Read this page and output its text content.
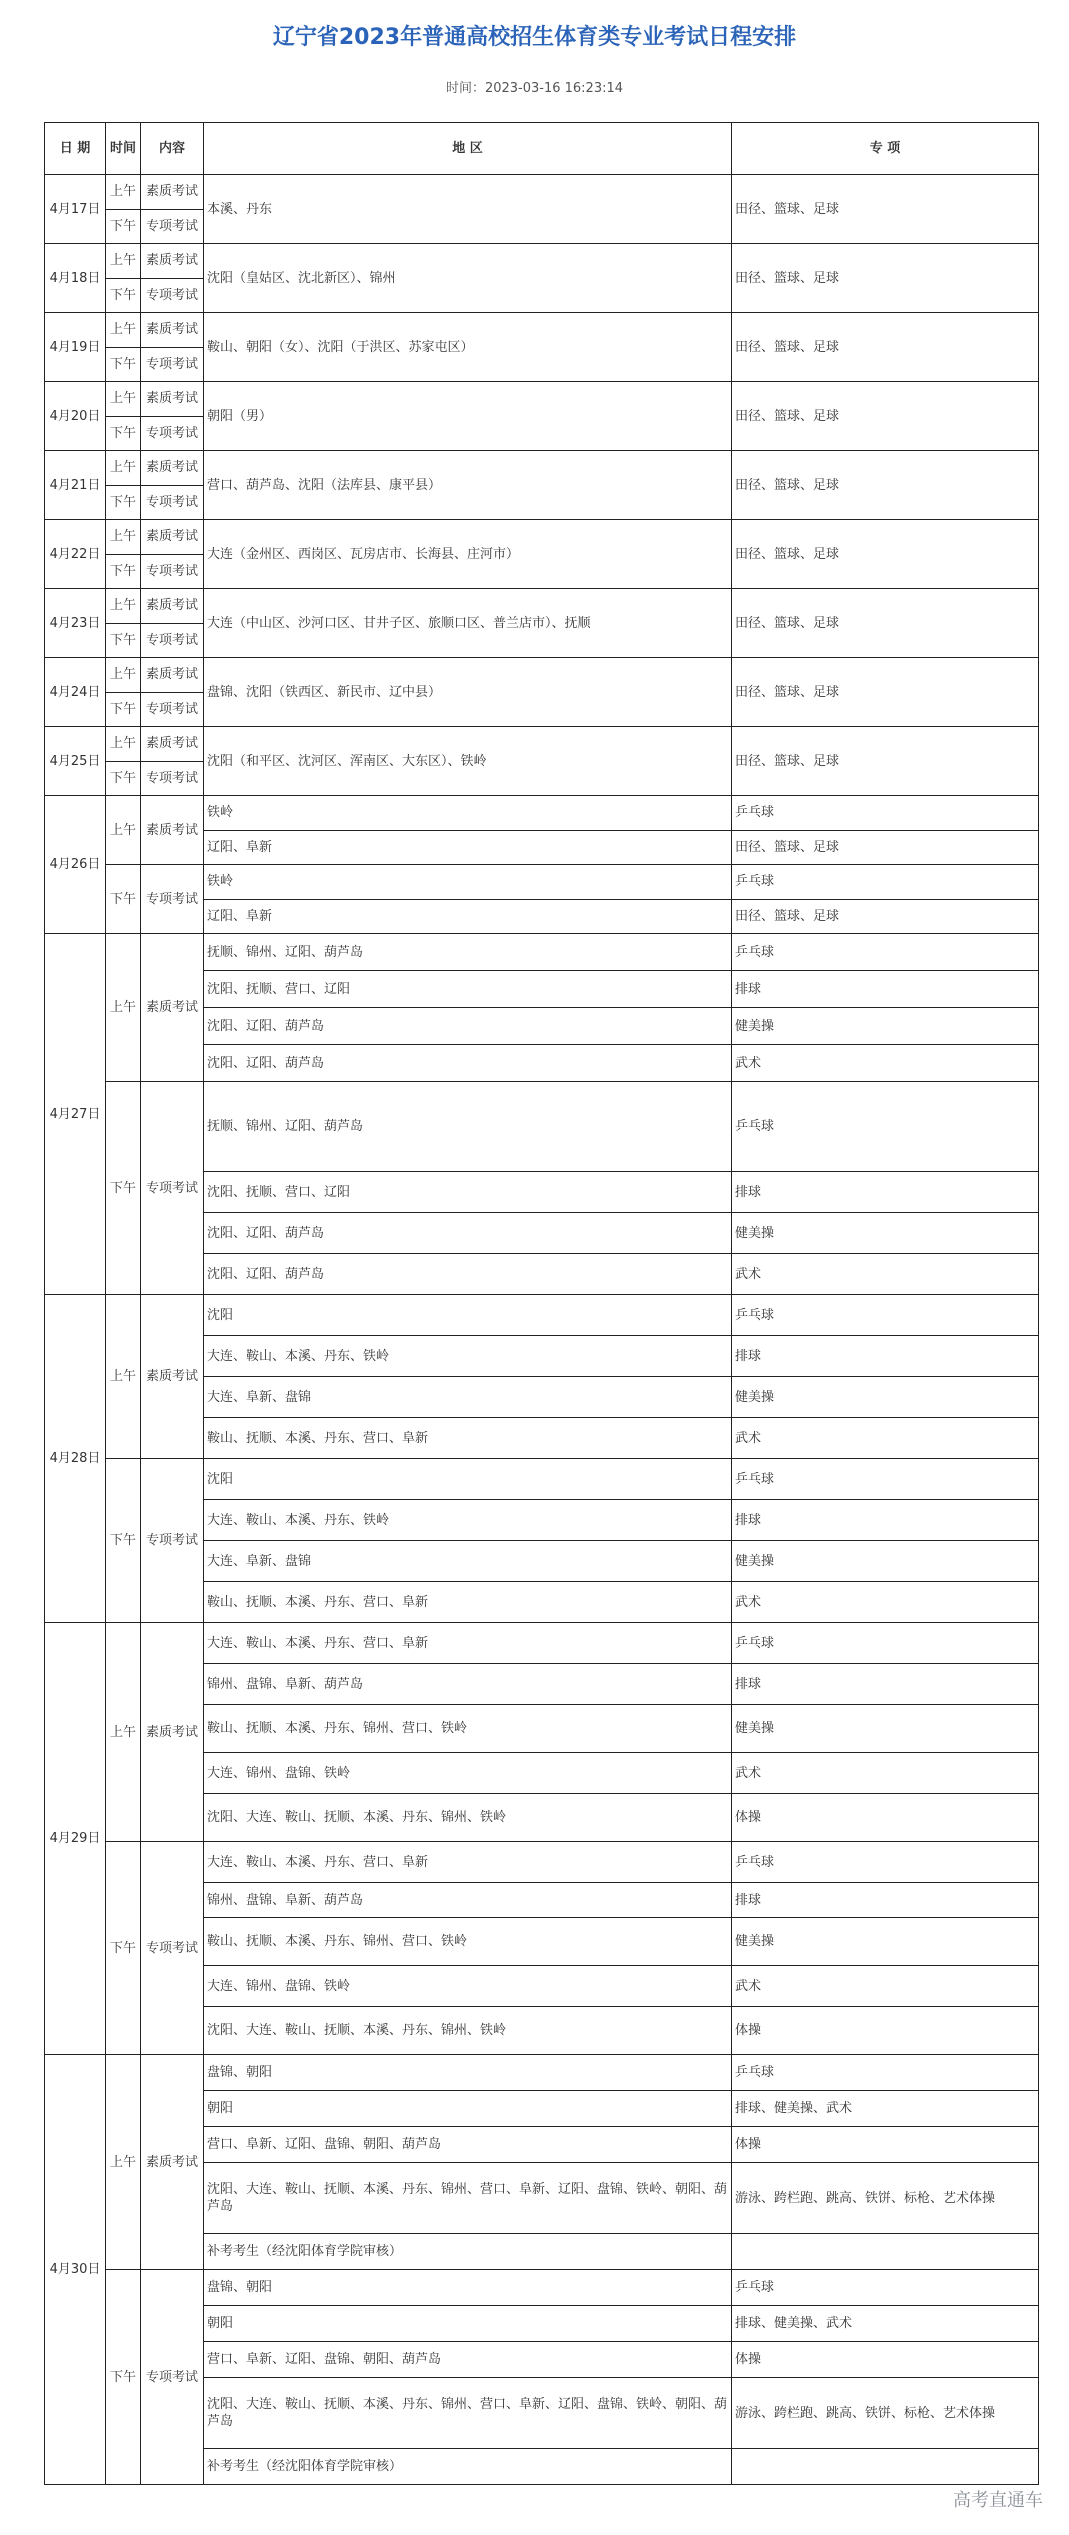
辽宁省2023年普通高校招生体育类专业考试日程安排
时间：2023-03-16 16:23:14
日 期	时间	内容	地 区	专 项
4月17日	上午	素质考试	本溪、丹东	田径、篮球、足球
	下午	专项考试		
4月18日	上午	素质考试	沈阳（皇姑区、沈北新区）、锦州	田径、篮球、足球
	下午	专项考试		
4月19日	上午	素质考试	鞍山、朝阳（女）、沈阳（于洪区、苏家屯区）	田径、篮球、足球
	下午	专项考试		
4月20日	上午	素质考试	朝阳（男）	田径、篮球、足球
	下午	专项考试		
4月21日	上午	素质考试	营口、葫芦岛、沈阳（法库县、康平县）	田径、篮球、足球
	下午	专项考试		
4月22日	上午	素质考试	大连（金州区、西岗区、瓦房店市、长海县、庄河市）	田径、篮球、足球
	下午	专项考试		
4月23日	上午	素质考试	大连（中山区、沙河口区、甘井子区、旅顺口区、普兰店市）、抚顺	田径、篮球、足球
	下午	专项考试		
4月24日	上午	素质考试	盘锦、沈阳（铁西区、新民市、辽中县）	田径、篮球、足球
	下午	专项考试		
4月25日	上午	素质考试	沈阳（和平区、沈河区、浑南区、大东区）、铁岭	田径、篮球、足球
	下午	专项考试		
4月26日	上午	素质考试	铁岭	乒乓球
			辽阳、阜新	田径、篮球、足球
	下午	专项考试	铁岭	乒乓球
			辽阳、阜新	田径、篮球、足球
4月27日	上午	素质考试	抚顺、锦州、辽阳、葫芦岛	乒乓球
			沈阳、抚顺、营口、辽阳	排球
			沈阳、辽阳、葫芦岛	健美操
			沈阳、辽阳、葫芦岛	武术
	下午	专项考试	抚顺、锦州、辽阳、葫芦岛	乒乓球
			沈阳、抚顺、营口、辽阳	排球
			沈阳、辽阳、葫芦岛	健美操
			沈阳、辽阳、葫芦岛	武术
4月28日	上午	素质考试	沈阳	乒乓球
			大连、鞍山、本溪、丹东、铁岭	排球
			大连、阜新、盘锦	健美操
			鞍山、抚顺、本溪、丹东、营口、阜新	武术
	下午	专项考试	沈阳	乒乓球
			大连、鞍山、本溪、丹东、铁岭	排球
			大连、阜新、盘锦	健美操
			鞍山、抚顺、本溪、丹东、营口、阜新	武术
4月29日	上午	素质考试	大连、鞍山、本溪、丹东、营口、阜新	乒乓球
			锦州、盘锦、阜新、葫芦岛	排球
			鞍山、抚顺、本溪、丹东、锦州、营口、铁岭	健美操
			大连、锦州、盘锦、铁岭	武术
			沈阳、大连、鞍山、抚顺、本溪、丹东、锦州、铁岭	体操
	下午	专项考试	大连、鞍山、本溪、丹东、营口、阜新	乒乓球
			锦州、盘锦、阜新、葫芦岛	排球
			鞍山、抚顺、本溪、丹东、锦州、营口、铁岭	健美操
			大连、锦州、盘锦、铁岭	武术
			沈阳、大连、鞍山、抚顺、本溪、丹东、锦州、铁岭	体操
4月30日	上午	素质考试	盘锦、朝阳	乒乓球
			朝阳	排球、健美操、武术
			营口、阜新、辽阳、盘锦、朝阳、葫芦岛	体操
			沈阳、大连、鞍山、抚顺、本溪、丹东、锦州、营口、阜新、辽阳、盘锦、铁岭、朝阳、葫芦岛	游泳、跨栏跑、跳高、铁饼、标枪、艺术体操
			补考考生（经沈阳体育学院审核）	
	下午	专项考试	盘锦、朝阳	乒乓球
			朝阳	排球、健美操、武术
			营口、阜新、辽阳、盘锦、朝阳、葫芦岛	体操
			沈阳、大连、鞍山、抚顺、本溪、丹东、锦州、营口、阜新、辽阳、盘锦、铁岭、朝阳、葫芦岛	游泳、跨栏跑、跳高、铁饼、标枪、艺术体操
			补考考生（经沈阳体育学院审核）	
高考直通车
